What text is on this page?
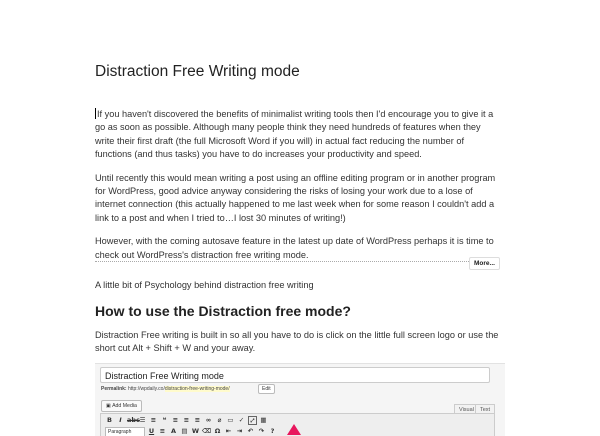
Distraction Free Writing mode

If you haven't discovered the benefits of minimalist writing tools then I'd encourage you to give it a go as soon as possible. Although many people think they need hundreds of features when they write their first draft (the full Microsoft Word if you will) in actual fact reducing the number of functions (and thus tasks) you have to do increases your productivity and speed.

Until recently this would mean writing a post using an offline editing program or in another program for WordPress, good advice anyway considering the risks of losing your work due to a lose of internet connection (this actually happened to me last week when for some reason I couldn't add a link to a post and when I tried to…I lost 30 minutes of writing!)

However, with the coming autosave feature in the latest up date of WordPress perhaps it is time to check out WordPress's distraction free writing mode.

More...
A little bit of Psychology behind distraction free writing
How to use the Distraction free mode?
Distraction Free writing is built in so all you have to do is click on the little full screen logo or use the short cut Alt + Shift + W and your away.
Distraction Free Writing mode
Permalink: http://wpdaily.co/distraction-free-writing-mode/	Edit
▣ Add Media
Visual	Text
B	I abc ☰ ≡ ❝ ≡ ≡ ≡ ∞ ⌀ ▭ ✓	⤢ ▦
Paragraph	U ≡ A ▤ W ⌫ Ω ⇤ ⇥ ↶ ↷ ?
